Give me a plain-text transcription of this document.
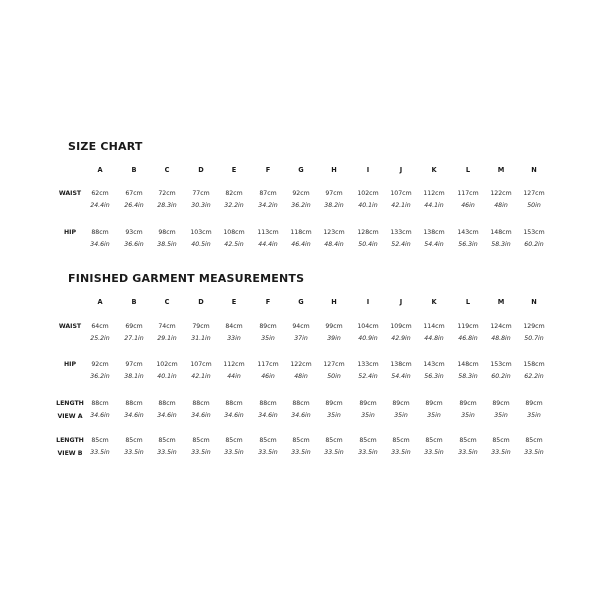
SIZE CHART
A	B	C	D	E	F	G	H	I	J	K	L	M	N
WAIST	62cm	67cm	72cm	77cm	82cm	87cm	92cm	97cm	102cm	107cm	112cm	117cm	122cm	127cm
24.4in	26.4in	28.3in	30.3in	32.2in	34.2in	36.2in	38.2in	40.1in	42.1in	44.1in	46in	48in	50in
HIP	88cm	93cm	98cm	103cm	108cm	113cm	118cm	123cm	128cm	133cm	138cm	143cm	148cm	153cm
34.6in	36.6in	38.5in	40.5in	42.5in	44.4in	46.4in	48.4in	50.4in	52.4in	54.4in	56.3in	58.3in	60.2in
FINISHED GARMENT MEASUREMENTS
A	B	C	D	E	F	G	H	I	J	K	L	M	N
WAIST	64cm	69cm	74cm	79cm	84cm	89cm	94cm	99cm	104cm	109cm	114cm	119cm	124cm	129cm
25.2in	27.1in	29.1in	31.1in	33in	35in	37in	39in	40.9in	42.9in	44.8in	46.8in	48.8in	50.7in
HIP	92cm	97cm	102cm	107cm	112cm	117cm	122cm	127cm	133cm	138cm	143cm	148cm	153cm	158cm
36.2in	38.1in	40.1in	42.1in	44in	46in	48in	50in	52.4in	54.4in	56.3in	58.3in	60.2in	62.2in
LENGTH
VIEW A
88cm	88cm	88cm	88cm	88cm	88cm	88cm	89cm	89cm	89cm	89cm	89cm	89cm	89cm
34.6in	34.6in	34.6in	34.6in	34.6in	34.6in	34.6in	35in	35in	35in	35in	35in	35in	35in
LENGTH
VIEW B
85cm	85cm	85cm	85cm	85cm	85cm	85cm	85cm	85cm	85cm	85cm	85cm	85cm	85cm
33.5in	33.5in	33.5in	33.5in	33.5in	33.5in	33.5in	33.5in	33.5in	33.5in	33.5in	33.5in	33.5in	33.5in
